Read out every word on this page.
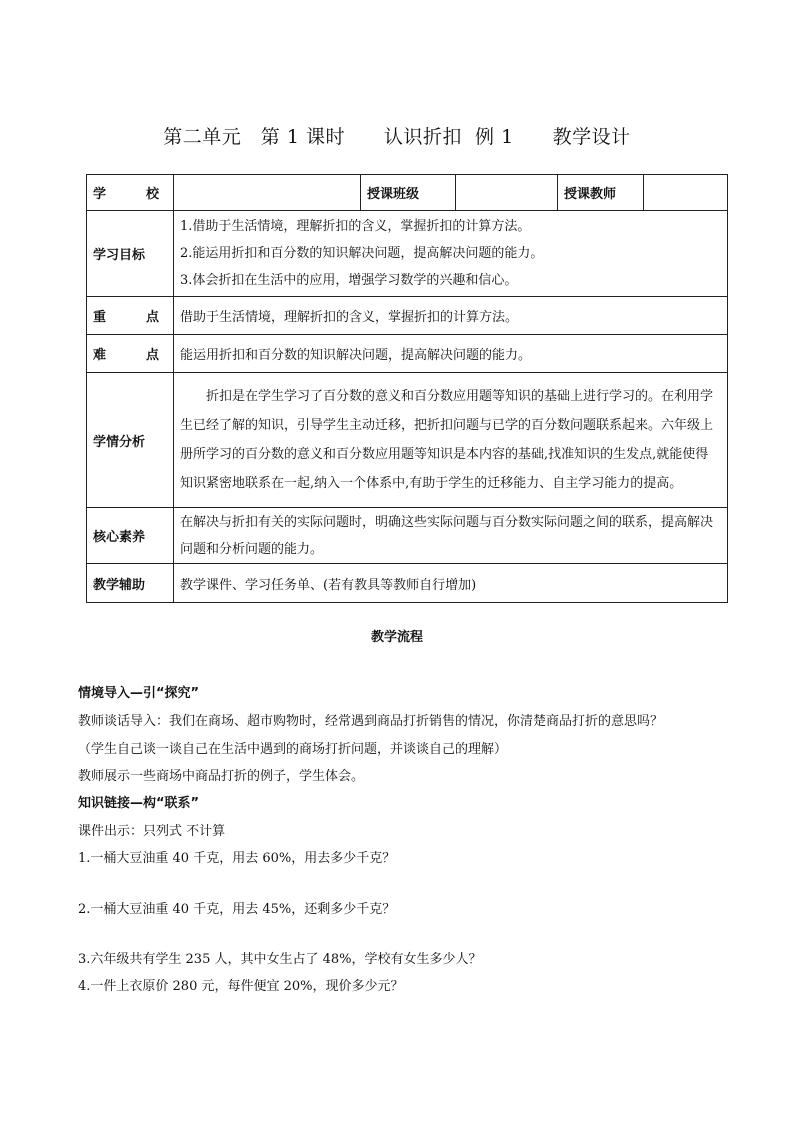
第二单元　第 1 课时　　认识折扣  例 1　　教学设计
学 校		授课班级		授课教师	
学习目标	1.借助于生活情境，理解折扣的含义，掌握折扣的计算方法。
2.能运用折扣和百分数的知识解决问题，提高解决问题的能力。
3.体会折扣在生活中的应用，增强学习数学的兴趣和信心。				

重 点	借助于生活情境，理解折扣的含义，掌握折扣的计算方法。				

难 点	能运用折扣和百分数的知识解决问题，提高解决问题的能力。				
学情分析	折扣是在学生学习了百分数的意义和百分数应用题等知识的基础上进行学习的。在利用学生已经了解的知识，引导学生主动迁移，把折扣问题与已学的百分数问题联系起来。六年级上册所学习的百分数的意义和百分数应用题等知识是本内容的基础,找准知识的生发点,就能使得知识紧密地联系在一起,纳入一个体系中,有助于学生的迁移能力、自主学习能力的提高。				
核心素养	在解决与折扣有关的实际问题时，明确这些实际问题与百分数实际问题之间的联系，提高解决问题和分析问题的能力。				
教学辅助	教学课件、学习任务单、(若有教具等教师自行增加)				
教学流程
情境导入—引“探究”
教师谈话导入：我们在商场、超市购物时，经常遇到商品打折销售的情况，你清楚商品打折的意思吗？
（学生自己谈一谈自己在生活中遇到的商场打折问题，并谈谈自己的理解）
教师展示一些商场中商品打折的例子，学生体会。
知识链接—构“联系”
课件出示：只列式 不计算
1.一桶大豆油重 40 千克，用去 60%，用去多少千克？
2.一桶大豆油重 40 千克，用去 45%，还剩多少千克？
3.六年级共有学生 235 人，其中女生占了 48%，学校有女生多少人？
4.一件上衣原价 280 元，每件便宜 20%，现价多少元？
